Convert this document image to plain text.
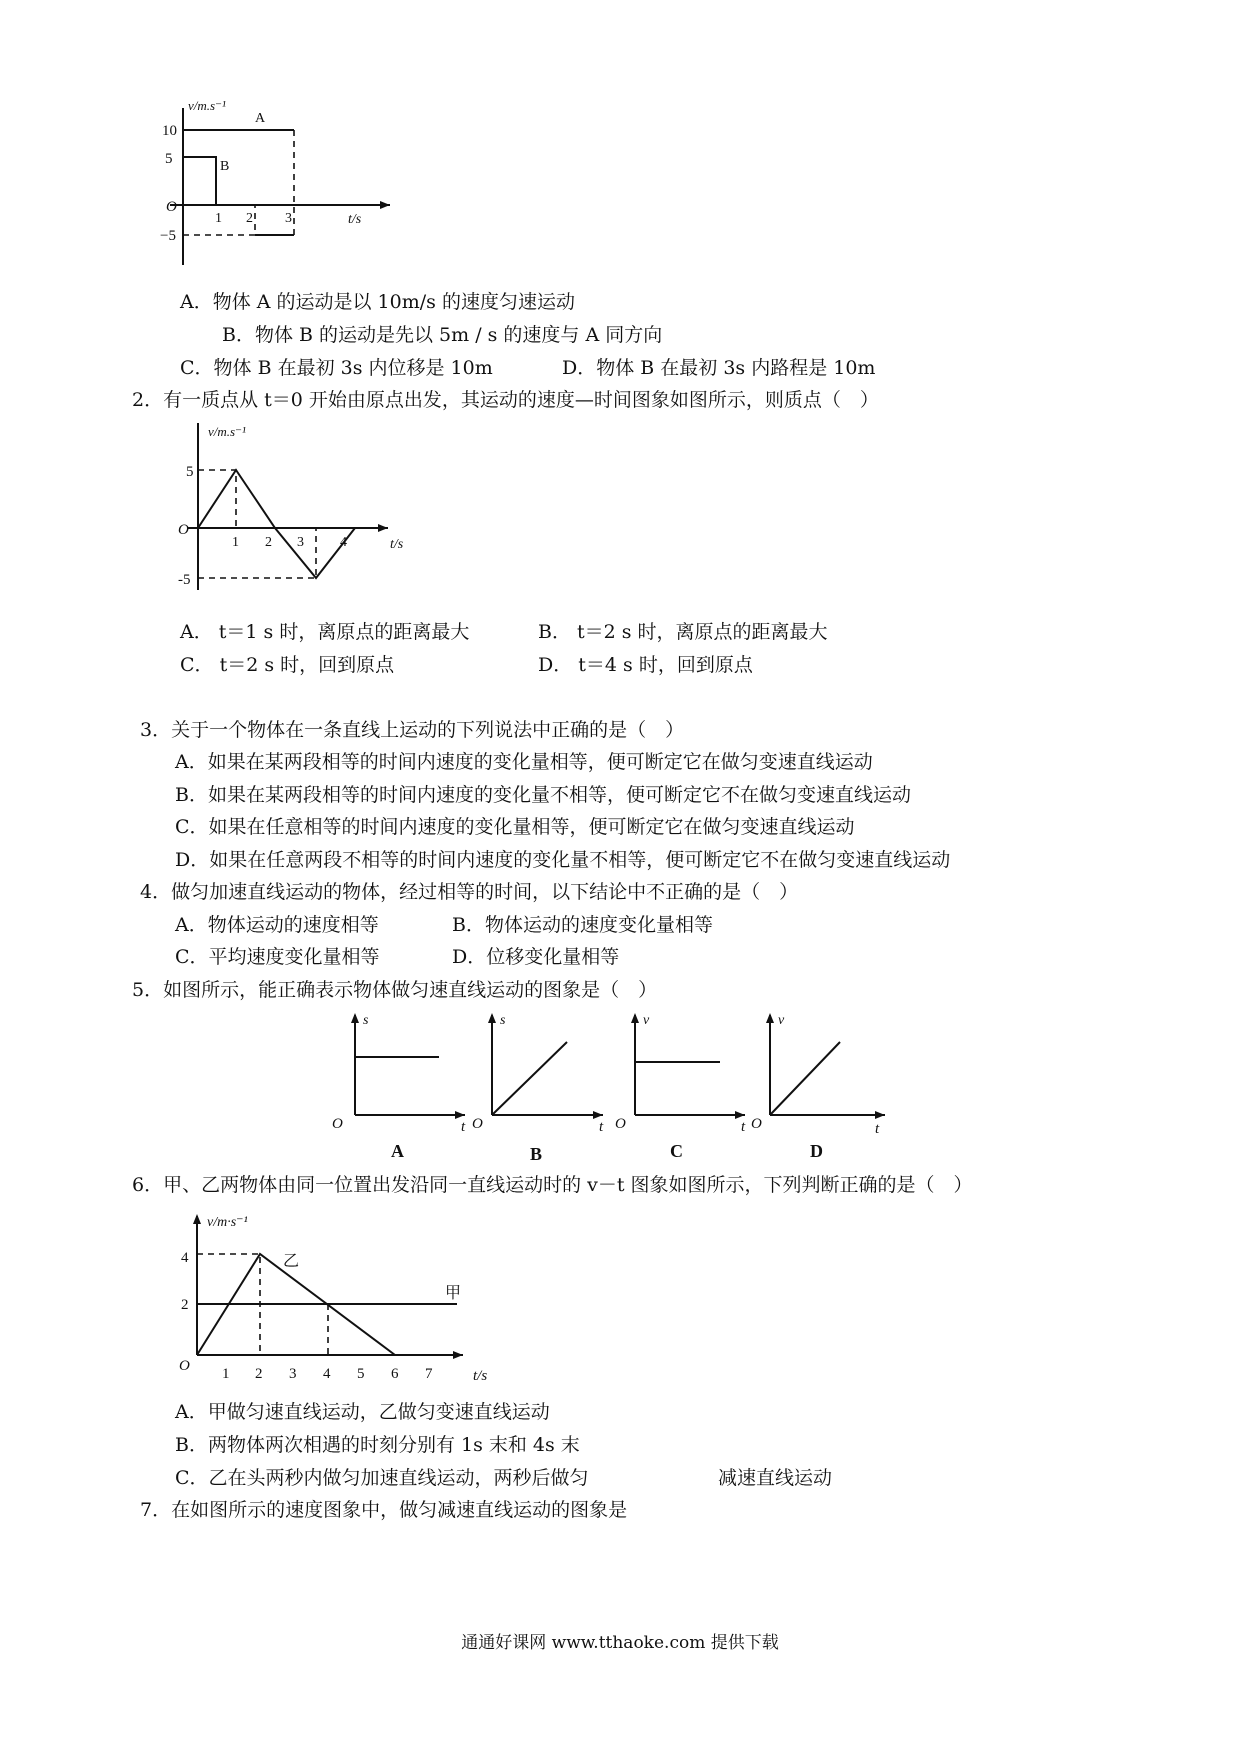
v/m.s⁻¹
t/s
10
5
O
−5
1 2 3
A
B
A．物体 A 的运动是以 10m/s 的速度匀速运动
B．物体 B 的运动是先以 5m / s 的速度与 A 同方向
C．物体 B 在最初 3s 内位移是 10m	D．物体 B 在最初 3s 内路程是 10m
2．有一质点从 t＝0 开始由原点出发，其运动的速度—时间图象如图所示，则质点（　）
v/m.s⁻¹
t/s
5
O
-5
1 2 3	4
A． t＝1 s 时，离原点的距离最大	B． t＝2 s 时，离原点的距离最大
C． t＝2 s 时，回到原点	D． t＝4 s 时，回到原点
3．关于一个物体在一条直线上运动的下列说法中正确的是（　）
A．如果在某两段相等的时间内速度的变化量相等，便可断定它在做匀变速直线运动
B．如果在某两段相等的时间内速度的变化量不相等，便可断定它不在做匀变速直线运动
C．如果在任意相等的时间内速度的变化量相等，便可断定它在做匀变速直线运动
D．如果在任意两段不相等的时间内速度的变化量不相等，便可断定它不在做匀变速直线运动
4．做匀加速直线运动的物体，经过相等的时间，以下结论中不正确的是（　）
A．物体运动的速度相等	B．物体运动的速度变化量相等
C．平均速度变化量相等	D．位移变化量相等
5．如图所示，能正确表示物体做匀速直线运动的图象是（　）
O
s
t O
s
t O
v
t O
v
t
A	B	C	D
6．甲、乙两物体由同一位置出发沿同一直线运动时的 v－t 图象如图所示，下列判断正确的是（　）
v/m·s⁻¹
4
2
O 1 2 3 4 5 6 7	t/s
甲
乙
A．甲做匀速直线运动，乙做匀变速直线运动
B．两物体两次相遇的时刻分别有 1s 末和 4s 末
C．乙在头两秒内做匀加速直线运动，两秒后做匀	减速直线运动
7．在如图所示的速度图象中，做匀减速直线运动的图象是
通通好课网 www.tthaoke.com 提供下载
